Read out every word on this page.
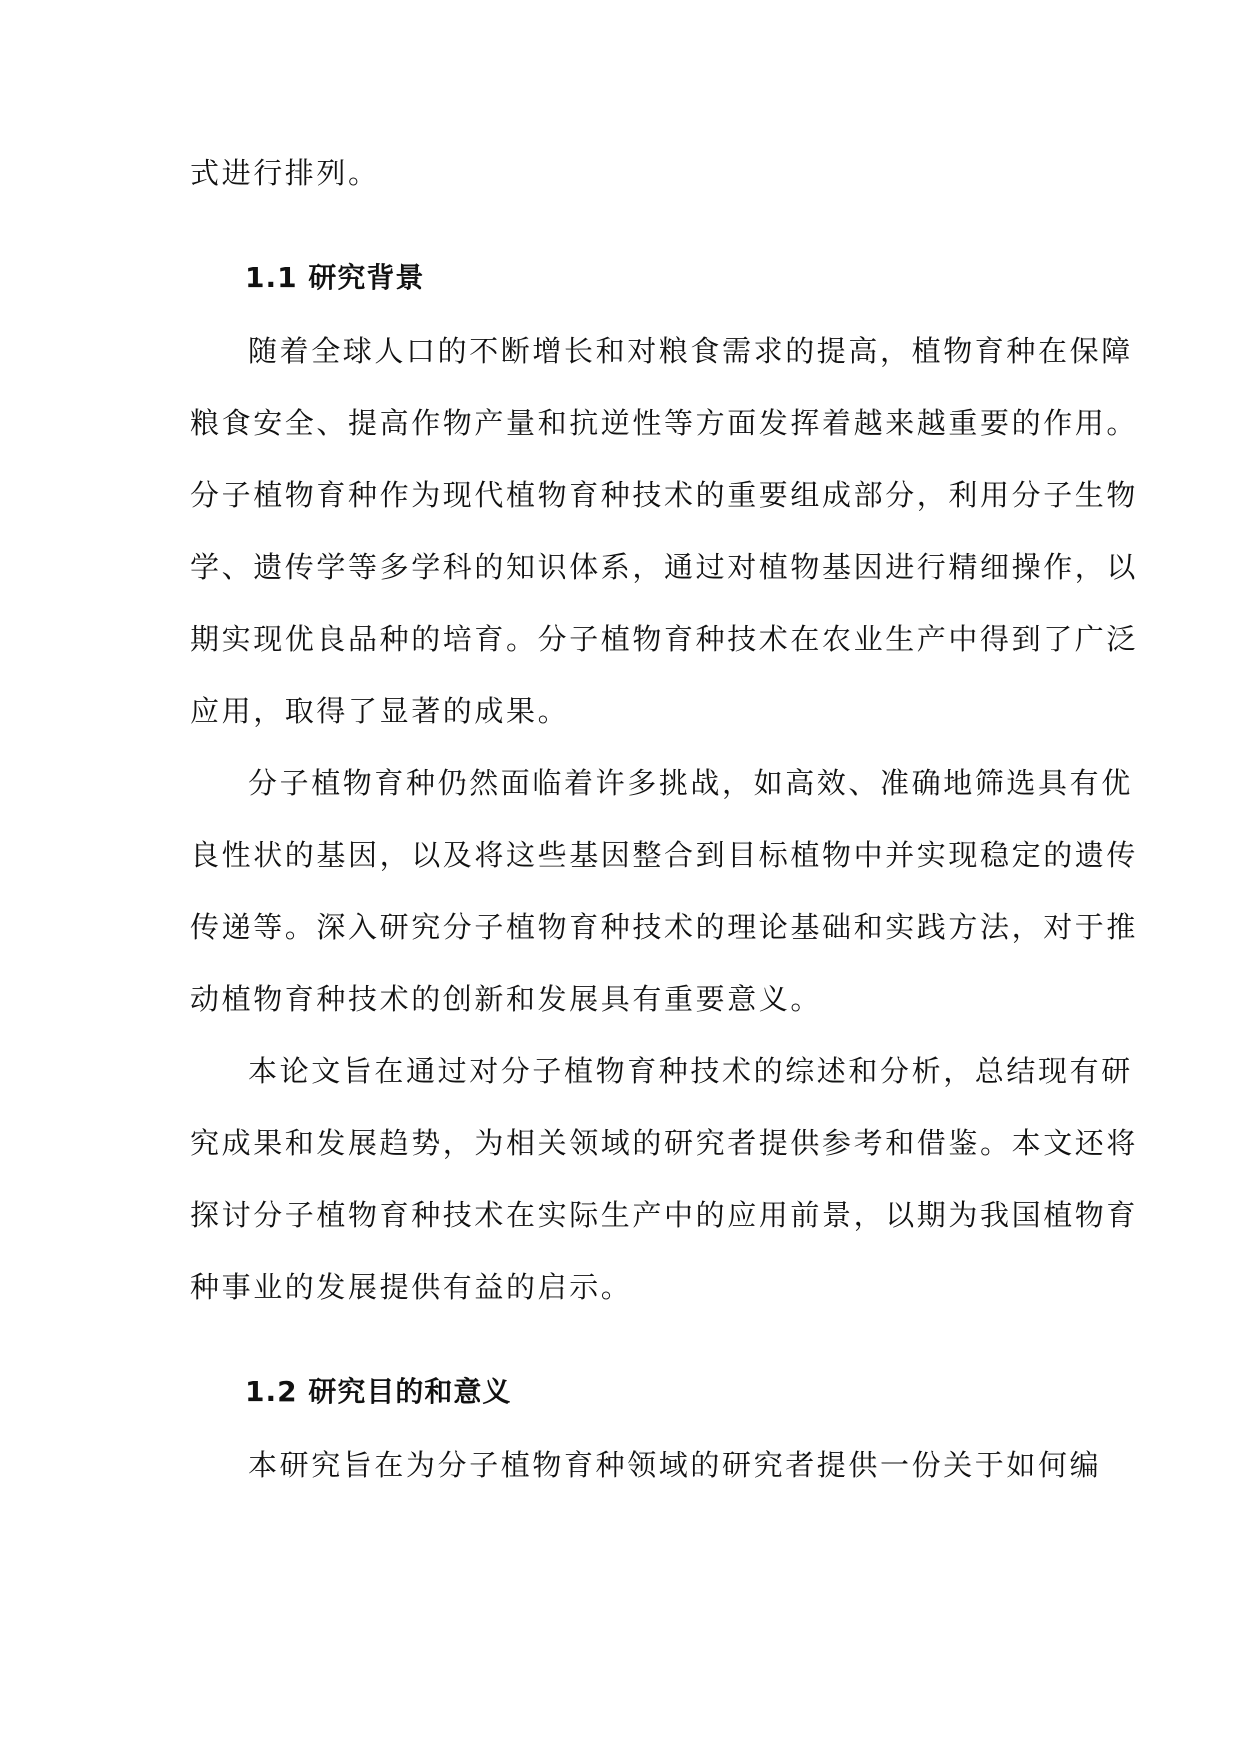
式进行排列。
1.1 研究背景
随着全球人口的不断增长和对粮食需求的提高，植物育种在保障
粮食安全、提高作物产量和抗逆性等方面发挥着越来越重要的作用。
分子植物育种作为现代植物育种技术的重要组成部分，利用分子生物
学、遗传学等多学科的知识体系，通过对植物基因进行精细操作，以
期实现优良品种的培育。分子植物育种技术在农业生产中得到了广泛
应用，取得了显著的成果。
分子植物育种仍然面临着许多挑战，如高效、准确地筛选具有优
良性状的基因，以及将这些基因整合到目标植物中并实现稳定的遗传
传递等。深入研究分子植物育种技术的理论基础和实践方法，对于推
动植物育种技术的创新和发展具有重要意义。
本论文旨在通过对分子植物育种技术的综述和分析，总结现有研
究成果和发展趋势，为相关领域的研究者提供参考和借鉴。本文还将
探讨分子植物育种技术在实际生产中的应用前景，以期为我国植物育
种事业的发展提供有益的启示。
1.2 研究目的和意义
本研究旨在为分子植物育种领域的研究者提供一份关于如何编
